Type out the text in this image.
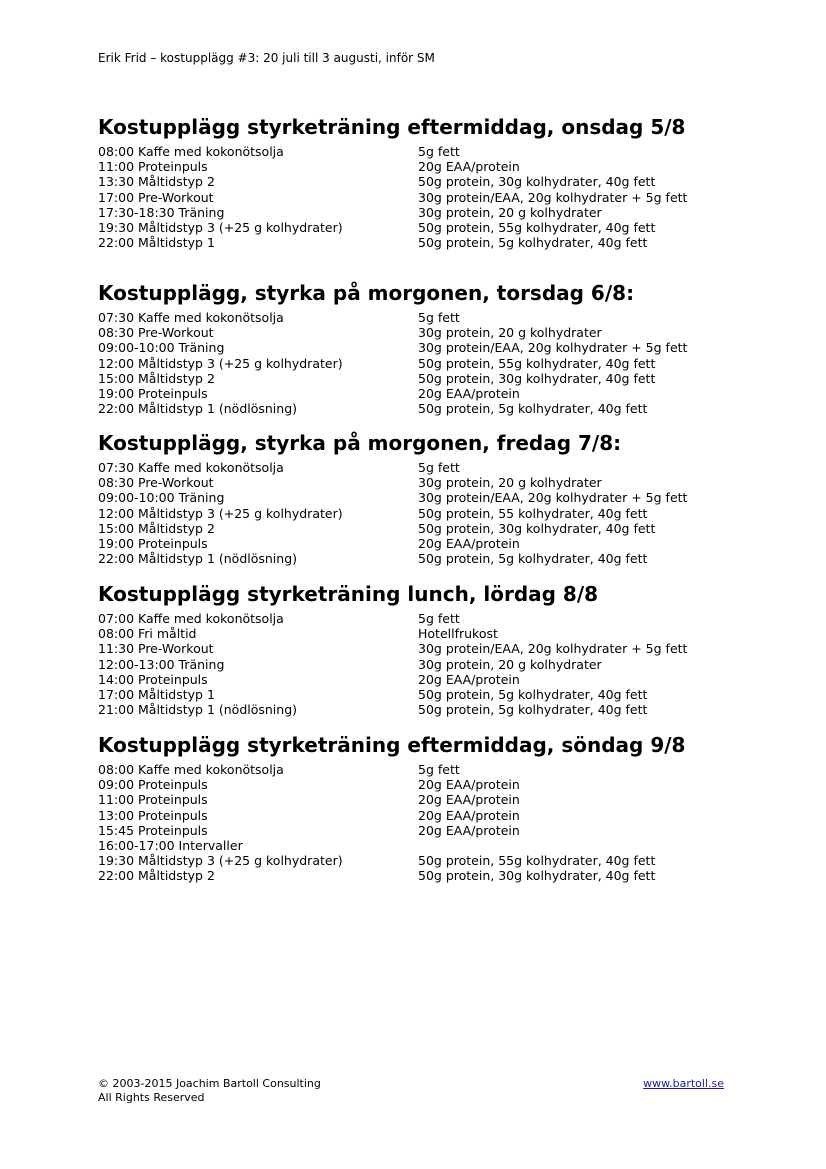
Erik Frid – kostupplägg #3: 20 juli till 3 augusti, inför SM
Kostupplägg styrketräning eftermiddag, onsdag 5/8
08:00 Kaffe med kokonötsolja	5g fett
11:00 Proteinpuls	20g EAA/protein
13:30 Måltidstyp 2	50g protein, 30g kolhydrater, 40g fett
17:00 Pre-Workout	30g protein/EAA, 20g kolhydrater + 5g fett
17:30-18:30 Träning	30g protein, 20 g kolhydrater
19:30 Måltidstyp 3 (+25 g kolhydrater)	50g protein, 55g kolhydrater, 40g fett
22:00 Måltidstyp 1	50g protein, 5g kolhydrater, 40g fett
Kostupplägg, styrka på morgonen, torsdag 6/8:
07:30 Kaffe med kokonötsolja	5g fett
08:30 Pre-Workout	30g protein, 20 g kolhydrater
09:00-10:00 Träning	30g protein/EAA, 20g kolhydrater + 5g fett
12:00 Måltidstyp 3 (+25 g kolhydrater)	50g protein, 55g kolhydrater, 40g fett
15:00 Måltidstyp 2	50g protein, 30g kolhydrater, 40g fett
19:00 Proteinpuls	20g EAA/protein
22:00 Måltidstyp 1 (nödlösning)	50g protein, 5g kolhydrater, 40g fett
Kostupplägg, styrka på morgonen, fredag 7/8:
07:30 Kaffe med kokonötsolja	5g fett
08:30 Pre-Workout	30g protein, 20 g kolhydrater
09:00-10:00 Träning	30g protein/EAA, 20g kolhydrater + 5g fett
12:00 Måltidstyp 3 (+25 g kolhydrater)	50g protein, 55 kolhydrater, 40g fett
15:00 Måltidstyp 2	50g protein, 30g kolhydrater, 40g fett
19:00 Proteinpuls	20g EAA/protein
22:00 Måltidstyp 1 (nödlösning)	50g protein, 5g kolhydrater, 40g fett
Kostupplägg styrketräning lunch, lördag 8/8
07:00 Kaffe med kokonötsolja	5g fett
08:00 Fri måltid	Hotellfrukost
11:30 Pre-Workout	30g protein/EAA, 20g kolhydrater + 5g fett
12:00-13:00 Träning	30g protein, 20 g kolhydrater
14:00 Proteinpuls	20g EAA/protein
17:00 Måltidstyp 1	50g protein, 5g kolhydrater, 40g fett
21:00 Måltidstyp 1 (nödlösning)	50g protein, 5g kolhydrater, 40g fett
Kostupplägg styrketräning eftermiddag, söndag 9/8
08:00 Kaffe med kokonötsolja	5g fett
09:00 Proteinpuls	20g EAA/protein
11:00 Proteinpuls	20g EAA/protein
13:00 Proteinpuls	20g EAA/protein
15:45 Proteinpuls	20g EAA/protein
16:00-17:00 Intervaller
19:30 Måltidstyp 3 (+25 g kolhydrater)	50g protein, 55g kolhydrater, 40g fett
22:00 Måltidstyp 2	50g protein, 30g kolhydrater, 40g fett
© 2003-2015 Joachim Bartoll Consulting
All Rights Reserved
www.bartoll.se
